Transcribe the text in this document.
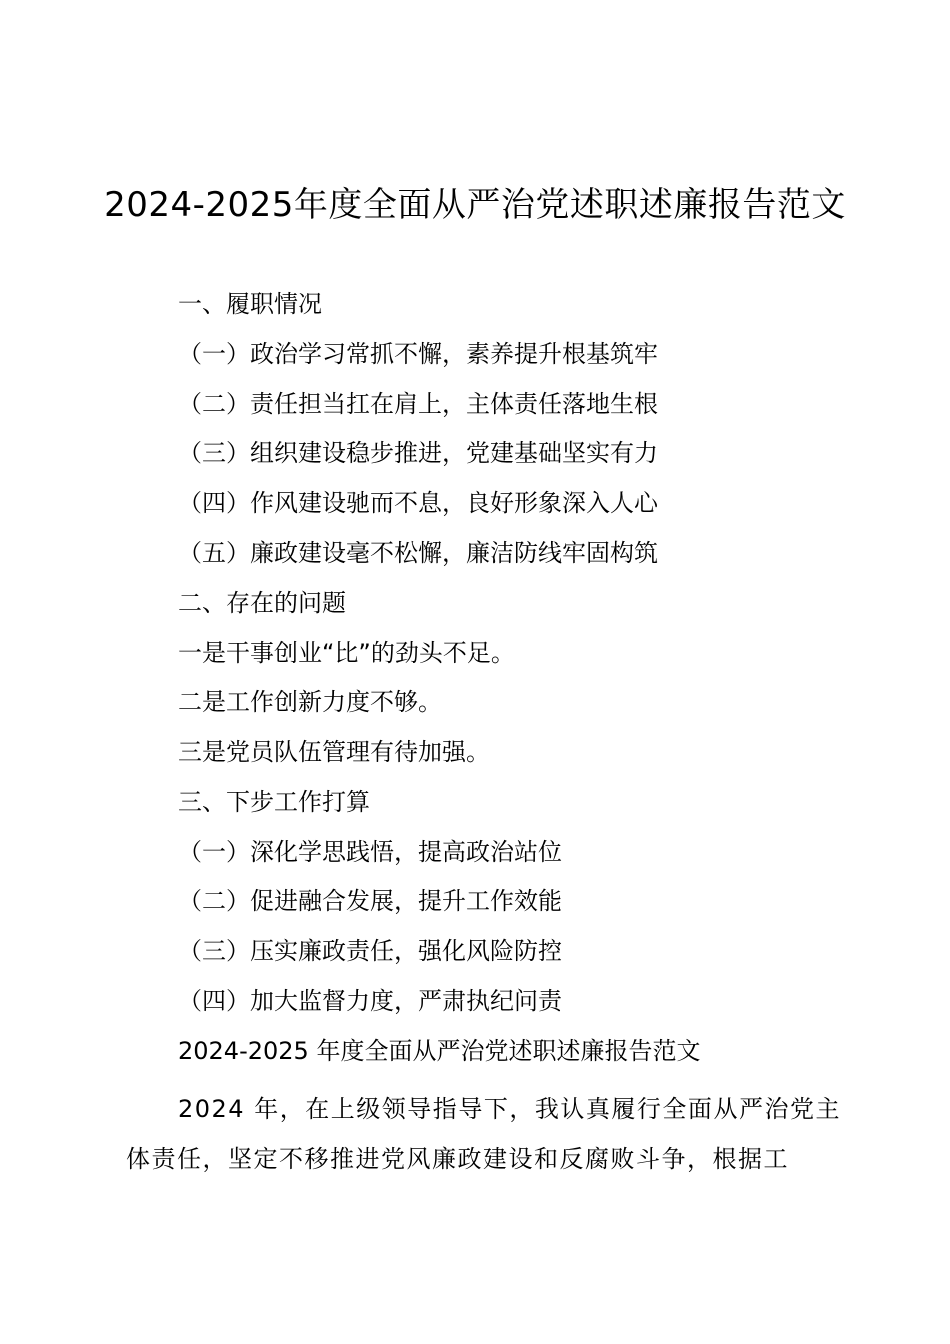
2024-2025年度全面从严治党述职述廉报告范文
一、履职情况
（一）政治学习常抓不懈，素养提升根基筑牢
（二）责任担当扛在肩上，主体责任落地生根
（三）组织建设稳步推进，党建基础坚实有力
（四）作风建设驰而不息，良好形象深入人心
（五）廉政建设毫不松懈，廉洁防线牢固构筑
二、存在的问题
一是干事创业“比”的劲头不足。
二是工作创新力度不够。
三是党员队伍管理有待加强。
三、下步工作打算
（一）深化学思践悟，提高政治站位
（二）促进融合发展，提升工作效能
（三）压实廉政责任，强化风险防控
（四）加大监督力度，严肃执纪问责
2024-2025 年度全面从严治党述职述廉报告范文
2024 年，在上级领导指导下，我认真履行全面从严治党主体责任，坚定不移推进党风廉政建设和反腐败斗争，根据工
